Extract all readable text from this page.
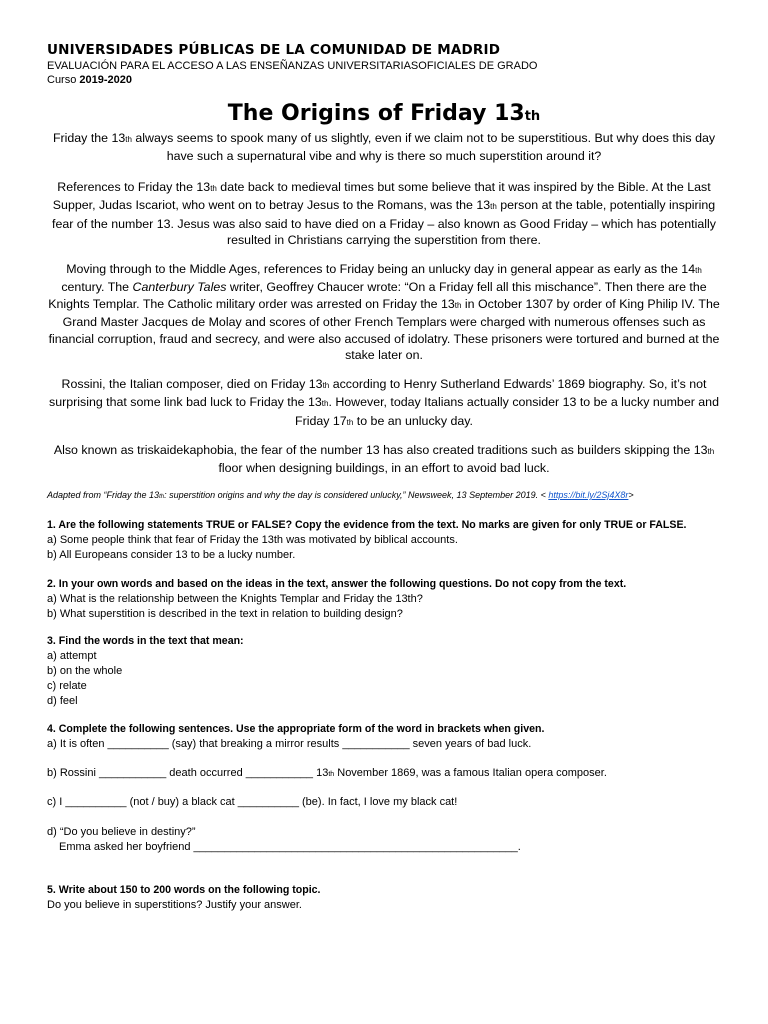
UNIVERSIDADES PÚBLICAS DE LA COMUNIDAD DE MADRID
EVALUACIÓN PARA EL ACCESO A LAS ENSEÑANZAS UNIVERSITARIASOFICIALES DE GRADO
Curso 2019-2020
The Origins of Friday 13th
Friday the 13th always seems to spook many of us slightly, even if we claim not to be superstitious. But why does this day have such a supernatural vibe and why is there so much superstition around it?
References to Friday the 13th date back to medieval times but some believe that it was inspired by the Bible. At the Last Supper, Judas Iscariot, who went on to betray Jesus to the Romans, was the 13th person at the table, potentially inspiring fear of the number 13. Jesus was also said to have died on a Friday – also known as Good Friday – which has potentially resulted in Christians carrying the superstition from there.
Moving through to the Middle Ages, references to Friday being an unlucky day in general appear as early as the 14th century. The Canterbury Tales writer, Geoffrey Chaucer wrote: “On a Friday fell all this mischance”. Then there are the Knights Templar. The Catholic military order was arrested on Friday the 13th in October 1307 by order of King Philip IV. The Grand Master Jacques de Molay and scores of other French Templars were charged with numerous offenses such as financial corruption, fraud and secrecy, and were also accused of idolatry. These prisoners were tortured and burned at the stake later on.
Rossini, the Italian composer, died on Friday 13th according to Henry Sutherland Edwards’ 1869 biography. So, it’s not surprising that some link bad luck to Friday the 13th. However, today Italians actually consider 13 to be a lucky number and Friday 17th to be an unlucky day.
Also known as triskaidekaphobia, the fear of the number 13 has also created traditions such as builders skipping the 13th floor when designing buildings, in an effort to avoid bad luck.
Adapted from “Friday the 13th: superstition origins and why the day is considered unlucky,” Newsweek, 13 September 2019. < https://bit.ly/2Sj4X8r>
1. Are the following statements TRUE or FALSE? Copy the evidence from the text. No marks are given for only TRUE or FALSE.
a) Some people think that fear of Friday the 13th was motivated by biblical accounts.
b) All Europeans consider 13 to be a lucky number.
2. In your own words and based on the ideas in the text, answer the following questions. Do not copy from the text.
a) What is the relationship between the Knights Templar and Friday the 13th?
b) What superstition is described in the text in relation to building design?
3. Find the words in the text that mean:
a) attempt
b) on the whole
c) relate
d) feel
4. Complete the following sentences. Use the appropriate form of the word in brackets when given.
a) It is often __________ (say) that breaking a mirror results ___________ seven years of bad luck.
b) Rossini ___________ death occurred ___________ 13th November 1869, was a famous Italian opera composer.
c) I __________ (not / buy) a black cat __________ (be). In fact, I love my black cat!
d) “Do you believe in destiny?”
Emma asked her boyfriend _____________________________________________________.
5. Write about 150 to 200 words on the following topic.
Do you believe in superstitions? Justify your answer.
